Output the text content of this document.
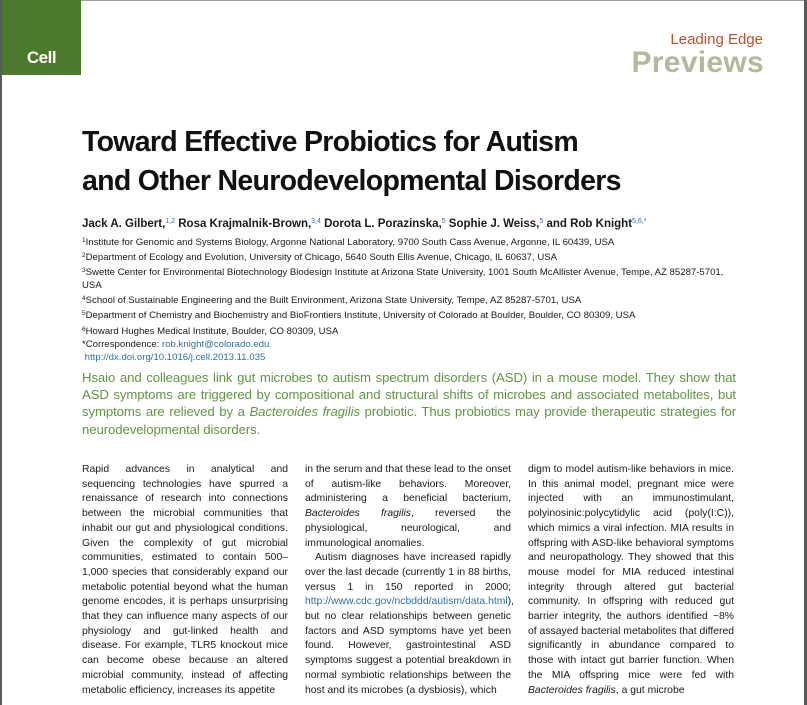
Cell
Leading Edge
Previews
Toward Effective Probiotics for Autism
and Other Neurodevelopmental Disorders
Jack A. Gilbert,$^{1,2}$ Rosa Krajmalnik-Brown,$^{3,4}$ Dorota L. Porazinska,$^5$ Sophie J. Weiss,$^5$ and Rob Knight$^{5,6,*}$
$^1$Institute for Genomic and Systems Biology, Argonne National Laboratory, 9700 South Cass Avenue, Argonne, IL 60439, USA
$^2$Department of Ecology and Evolution, University of Chicago, 5640 South Ellis Avenue, Chicago, IL 60637, USA
$^3$Swette Center for Environmental Biotechnology Biodesign Institute at Arizona State University, 1001 South McAllister Avenue, Tempe, AZ 85287-5701, USA
$^4$School of Sustainable Engineering and the Built Environment, Arizona State University, Tempe, AZ 85287-5701, USA
$^5$Department of Chemistry and Biochemistry and BioFrontiers Institute, University of Colorado at Boulder, Boulder, CO 80309, USA
$^6$Howard Hughes Medical Institute, Boulder, CO 80309, USA
*Correspondence: rob.knight@colorado.edu
http://dx.doi.org/10.1016/j.cell.2013.11.035
Hsaio and colleagues link gut microbes to autism spectrum disorders (ASD) in a mouse model. They show that ASD symptoms are triggered by compositional and structural shifts of microbes and associated metabolites, but symptoms are relieved by a Bacteroides fragilis probiotic. Thus probiotics may provide therapeutic strategies for neurodevelopmental disorders.

Rapid advances in analytical and sequencing technologies have spurred a renaissance of research into connections between the microbial communities that inhabit our gut and physiological conditions. Given the complexity of gut microbial communities, estimated to contain 500–1,000 species that considerably expand our metabolic potential beyond what the human genome encodes, it is perhaps unsurprising that they can influence many aspects of our physiology and gut-linked health and disease. For example, TLR5 knockout mice can become obese because an altered microbial community, instead of affecting metabolic efficiency, increases its appetite

in the serum and that these lead to the onset of autism-like behaviors. Moreover, administering a beneficial bacterium, Bacteroides fragilis, reversed the physiological, neurological, and immunological anomalies.

Autism diagnoses have increased rapidly over the last decade (currently 1 in 88 births, versus 1 in 150 reported in 2000; http://www.cdc.gov/ncbddd/autism/data.html), but no clear relationships between genetic factors and ASD symptoms have yet been found. However, gastrointestinal ASD symptoms suggest a potential breakdown in normal symbiotic relationships between the host and its microbes (a dysbiosis), which

digm to model autism-like behaviors in mice. In this animal model, pregnant mice were injected with an immunostimulant, polyinosinic:polycytidylic acid (poly(I:C)), which mimics a viral infection. MIA results in offspring with ASD-like behavioral symptoms and neuropathology. They showed that this mouse model for MIA reduced intestinal integrity through altered gut bacterial community. In offspring with reduced gut barrier integrity, the authors identified ~8% of assayed bacterial metabolites that differed significantly in abundance compared to those with intact gut barrier function. When the MIA offspring mice were fed with Bacteroides fragilis, a gut microbe
